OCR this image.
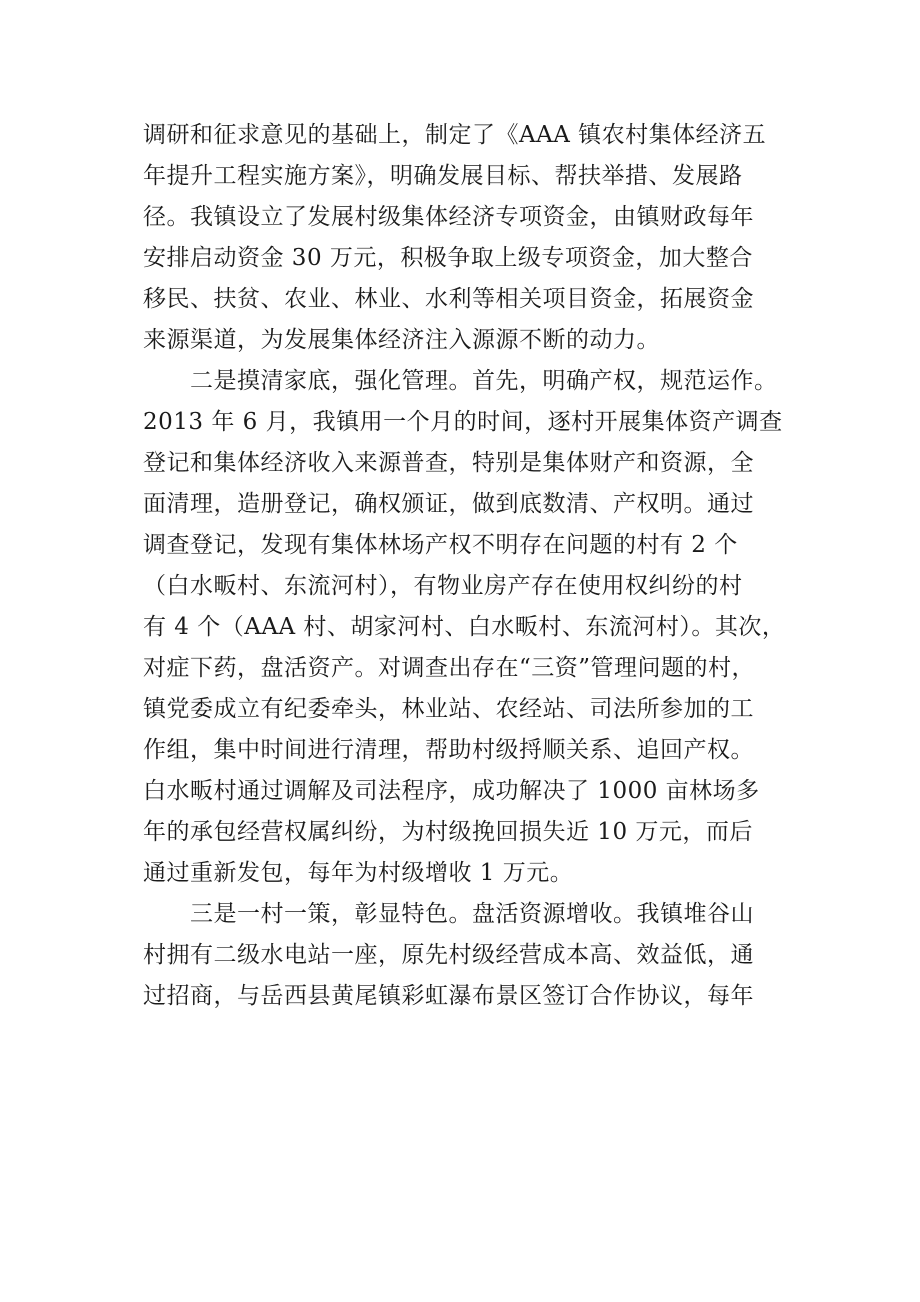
调研和征求意见的基础上，制定了《AAA 镇农村集体经济五
年提升工程实施方案》，明确发展目标、帮扶举措、发展路
径。我镇设立了发展村级集体经济专项资金，由镇财政每年
安排启动资金 30 万元，积极争取上级专项资金，加大整合
移民、扶贫、农业、林业、水利等相关项目资金，拓展资金
来源渠道，为发展集体经济注入源源不断的动力。
　　二是摸清家底，强化管理。首先，明确产权，规范运作。
2013 年 6 月，我镇用一个月的时间，逐村开展集体资产调查
登记和集体经济收入来源普查，特别是集体财产和资源，全
面清理，造册登记，确权颁证，做到底数清、产权明。通过
调查登记，发现有集体林场产权不明存在问题的村有 2 个
（白水畈村、东流河村），有物业房产存在使用权纠纷的村
有 4 个（AAA 村、胡家河村、白水畈村、东流河村）。其次，
对症下药，盘活资产。对调查出存在“三资”管理问题的村，
镇党委成立有纪委牵头，林业站、农经站、司法所参加的工
作组，集中时间进行清理，帮助村级捋顺关系、追回产权。
白水畈村通过调解及司法程序，成功解决了 1000 亩林场多
年的承包经营权属纠纷，为村级挽回损失近 10 万元，而后
通过重新发包，每年为村级增收 1 万元。
　　三是一村一策，彰显特色。盘活资源增收。我镇堆谷山
村拥有二级水电站一座，原先村级经营成本高、效益低，通
过招商，与岳西县黄尾镇彩虹瀑布景区签订合作协议，每年
